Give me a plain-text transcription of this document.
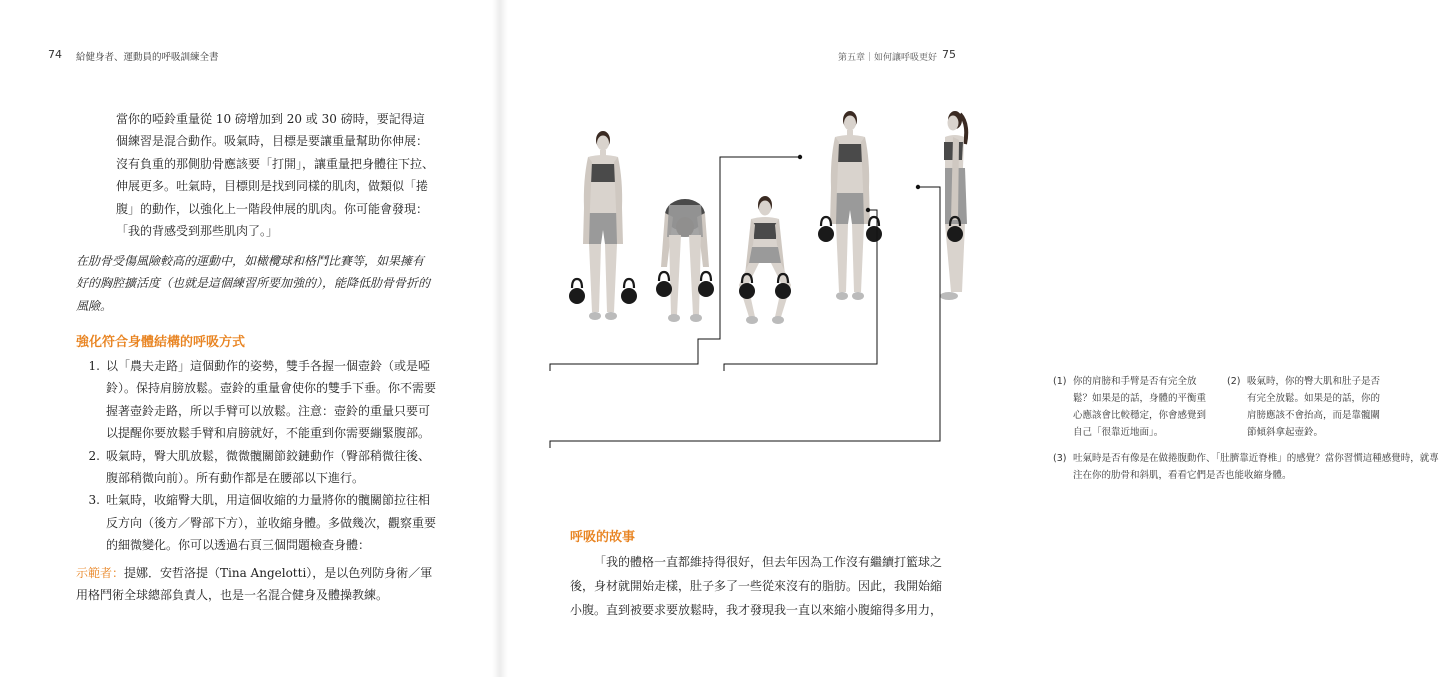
74 給健身者、運動員的呼吸訓練全書

當你的啞鈴重量從 10 磅增加到 20 或 30 磅時，要記得這個練習是混合動作。吸氣時，目標是要讓重量幫助你伸展：沒有負重的那側肋骨應該要「打開」，讓重量把身體往下拉、伸展更多。吐氣時，目標則是找到同樣的肌肉，做類似「捲腹」的動作，以強化上一階段伸展的肌肉。你可能會發現：「我的背感受到那些肌肉了。」

在肋骨受傷風險較高的運動中，如橄欖球和格鬥比賽等，如果擁有好的胸腔擴活度（也就是這個練習所要加強的），能降低肋骨骨折的風險。

強化符合身體結構的呼吸方式
1. 以「農夫走路」這個動作的姿勢，雙手各握一個壺鈴（或是啞鈴）。保持肩膀放鬆。壺鈴的重量會使你的雙手下垂。你不需要握著壺鈴走路，所以手臂可以放鬆。注意：壺鈴的重量只要可以提醒你要放鬆手臂和肩膀就好，不能重到你需要繃緊腹部。
2. 吸氣時，臀大肌放鬆，微微髖關節鉸鏈動作（臀部稍微往後、腹部稍微向前）。所有動作都是在腰部以下進行。
3. 吐氣時，收縮臀大肌，用這個收縮的力量將你的髖關節拉往相反方向（後方／臀部下方），並收縮身體。多做幾次，觀察重要的細微變化。你可以透過右頁三個問題檢查身體：

示範者：提娜．安哲洛提（Tina Angelotti），是以色列防身術／軍用格鬥術全球總部負責人，也是一名混合健身及體操教練。

第五章｜如何讓呼吸更好 75
(1) 你的肩膀和手臂是否有完全放鬆？如果是的話，身體的平衡重心應該會比較穩定，你會感覺到自己「很靠近地面」。
(2) 吸氣時，你的臀大肌和肚子是否有完全放鬆。如果是的話，你的肩膀應該不會抬高，而是靠髖關節傾斜拿起壺鈴。
(3) 吐氣時是否有像是在做捲腹動作、「肚臍靠近脊椎」的感覺？當你習慣這種感覺時，就專注在你的肋骨和斜肌，看看它們是否也能收縮身體。
呼吸的故事

「我的體格一直都維持得很好，但去年因為工作沒有繼續打籃球之後，身材就開始走樣，肚子多了一些從來沒有的脂肪。因此，我開始縮小腹。直到被要求要放鬆時，我才發現我一直以來縮小腹縮得多用力，
